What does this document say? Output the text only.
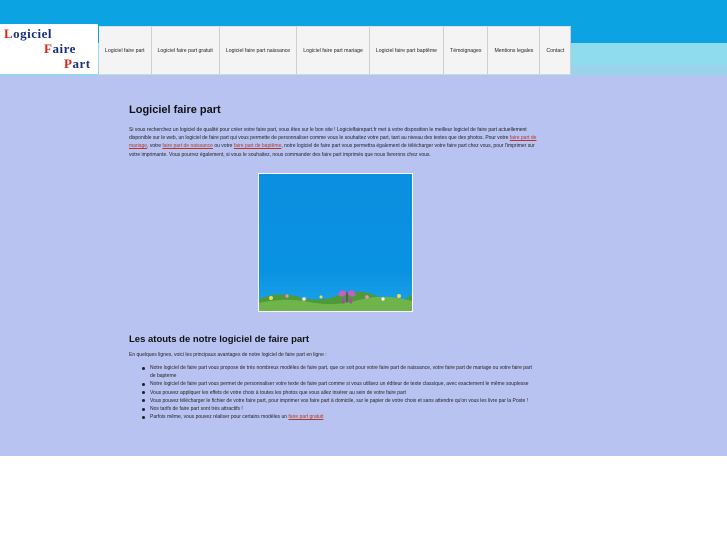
Logiciel
Faire
Part
Logiciel faire part	Logiciel faire part gratuit	Logiciel faire part naissance	Logiciel faire part mariage	Logiciel faire part baptême	Témoignages	Mentions legales	Contact
Logiciel faire part

Si vous recherchez un logiciel de qualité pour créer votre faire part, vous êtes sur le bon site ! Logicielfairepart.fr met à votre disposition le meilleur logiciel de faire part actuellement disponible sur le web, un logiciel de faire part qui vous permette de personnaliser comme vous le souhaitez votre part, tant au niveau des textes que des photos. Pour votre faire part de mariage, votre faire part de naissance ou votre faire part de baptême, notre logiciel de faire part vous permettra également de télécharger votre faire part chez vous, pour l'imprimer sur votre imprimante. Vous pourrez également, si vous le souhaitez, nous commander des faire part imprimés que nous livrerons chez vous.

Les atouts de notre logiciel de faire part

En quelques lignes, voici les principaux avantages de notre logiciel de faire part en ligne :

Notre logiciel de faire part vous propose de très nombreux modèles de faire part, que ce soit pour votre faire part de naissance, votre faire part de mariage ou votre faire part de bapteme
Notre logiciel de faire part vous permet de personnaliser votre texte de faire part comme si vous utilisez un éditeur de texte classique, avec exactement le même souplesse
Vous pouvez appliquer les effets de votre choix à toutes les photos que vous allez insérer au sein de votre faire part
Vous pouvez télécharger le fichier de votre faire part, pour imprimer vos faire part à domicile, sur le papier de votre choix et sans attendre qu'on vous les livre par la Poste !
Nos tarifs de faire part sont très attractifs !
Parfois même, vous pouvez réaliser pour certains modèles un faire part gratuit
